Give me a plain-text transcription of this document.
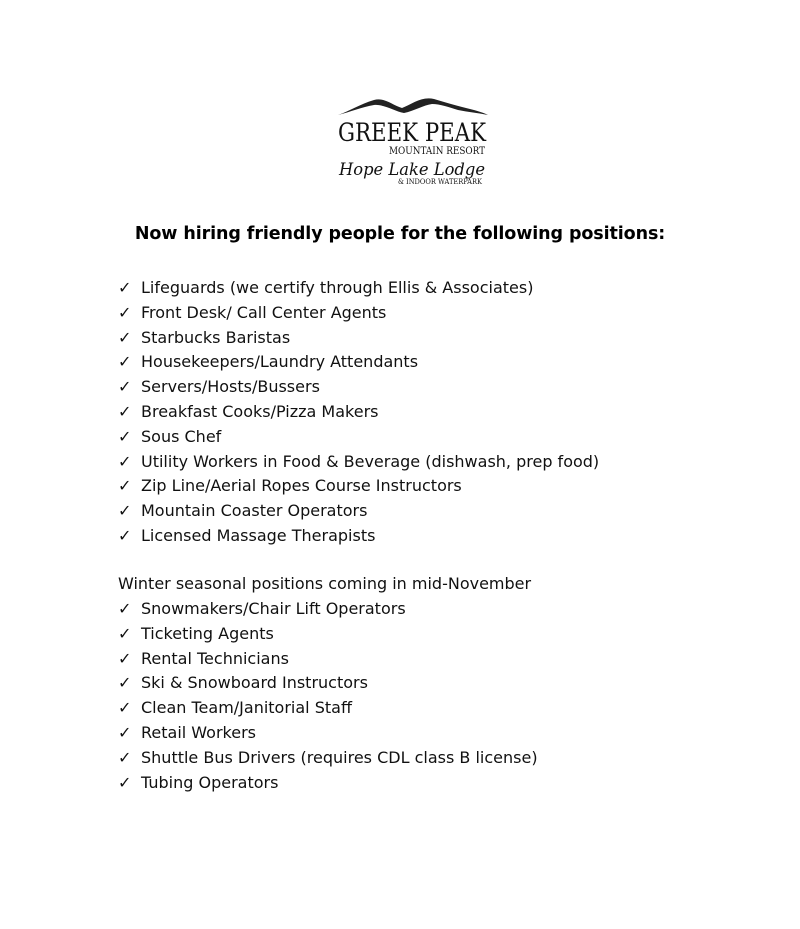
GREEK PEAK
MOUNTAIN RESORT
Hope Lake Lodge
& INDOOR WATERPARK
Now hiring friendly people for the following positions:
✓ Lifeguards (we certify through Ellis & Associates)
✓ Front Desk/ Call Center Agents
✓ Starbucks Baristas
✓ Housekeepers/Laundry Attendants
✓ Servers/Hosts/Bussers
✓ Breakfast Cooks/Pizza Makers
✓ Sous Chef
✓ Utility Workers in Food & Beverage (dishwash, prep food)
✓ Zip Line/Aerial Ropes Course Instructors
✓ Mountain Coaster Operators
✓ Licensed Massage Therapists
Winter seasonal positions coming in mid-November
✓ Snowmakers/Chair Lift Operators
✓ Ticketing Agents
✓ Rental Technicians
✓ Ski & Snowboard Instructors
✓ Clean Team/Janitorial Staff
✓ Retail Workers
✓ Shuttle Bus Drivers (requires CDL class B license)
✓ Tubing Operators
